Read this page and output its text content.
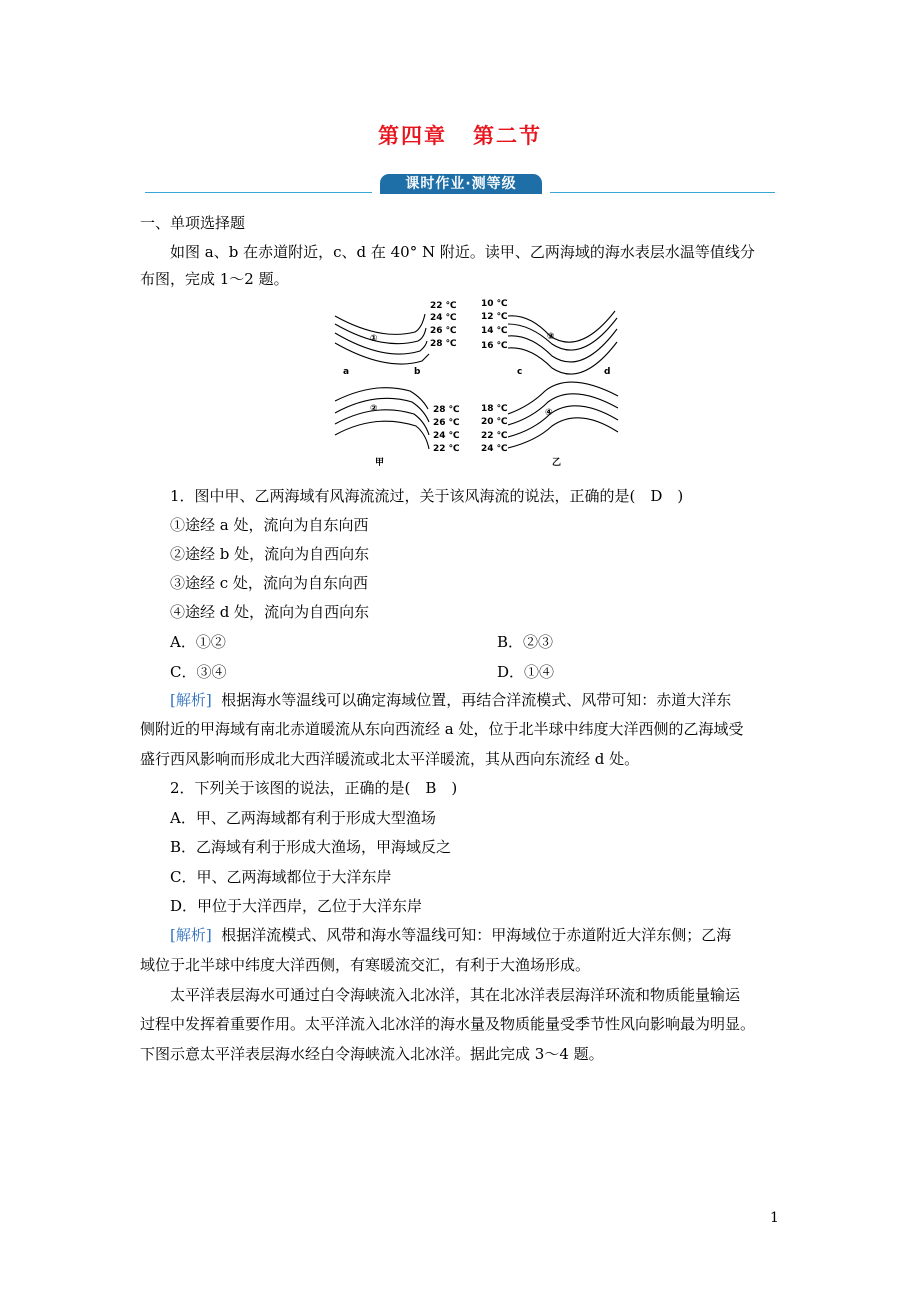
第四章 第二节
课时作业·测等级
一、单项选择题
如图 a、b 在赤道附近，c、d 在 40° N 附近。读甲、乙两海域的海水表层水温等值线分
布图，完成 1～2 题。
①
22 ℃
24 ℃
26 ℃
28 ℃
a	b
②	28 ℃
26 ℃
24 ℃
22 ℃
甲
③
10 ℃
12 ℃
14 ℃
16 ℃
c	d
④
18 ℃
20 ℃
22 ℃
24 ℃
乙
1．图中甲、乙两海域有风海流流过，关于该风海流的说法，正确的是(　D　)
①途经 a 处，流向为自东向西
②途经 b 处，流向为自西向东
③途经 c 处，流向为自东向西
④途经 d 处，流向为自西向东
A．①②	B．②③
C．③④	D．①④
[解析] 根据海水等温线可以确定海域位置，再结合洋流模式、风带可知：赤道大洋东
侧附近的甲海域有南北赤道暖流从东向西流经 a 处，位于北半球中纬度大洋西侧的乙海域受
盛行西风影响而形成北大西洋暖流或北太平洋暖流，其从西向东流经 d 处。
2．下列关于该图的说法，正确的是(　B　)
A．甲、乙两海域都有利于形成大型渔场
B．乙海域有利于形成大渔场，甲海域反之
C．甲、乙两海域都位于大洋东岸
D．甲位于大洋西岸，乙位于大洋东岸
[解析] 根据洋流模式、风带和海水等温线可知：甲海域位于赤道附近大洋东侧；乙海
域位于北半球中纬度大洋西侧，有寒暖流交汇，有利于大渔场形成。
太平洋表层海水可通过白令海峡流入北冰洋，其在北冰洋表层海洋环流和物质能量输运
过程中发挥着重要作用。太平洋流入北冰洋的海水量及物质能量受季节性风向影响最为明显。
下图示意太平洋表层海水经白令海峡流入北冰洋。据此完成 3～4 题。
1
